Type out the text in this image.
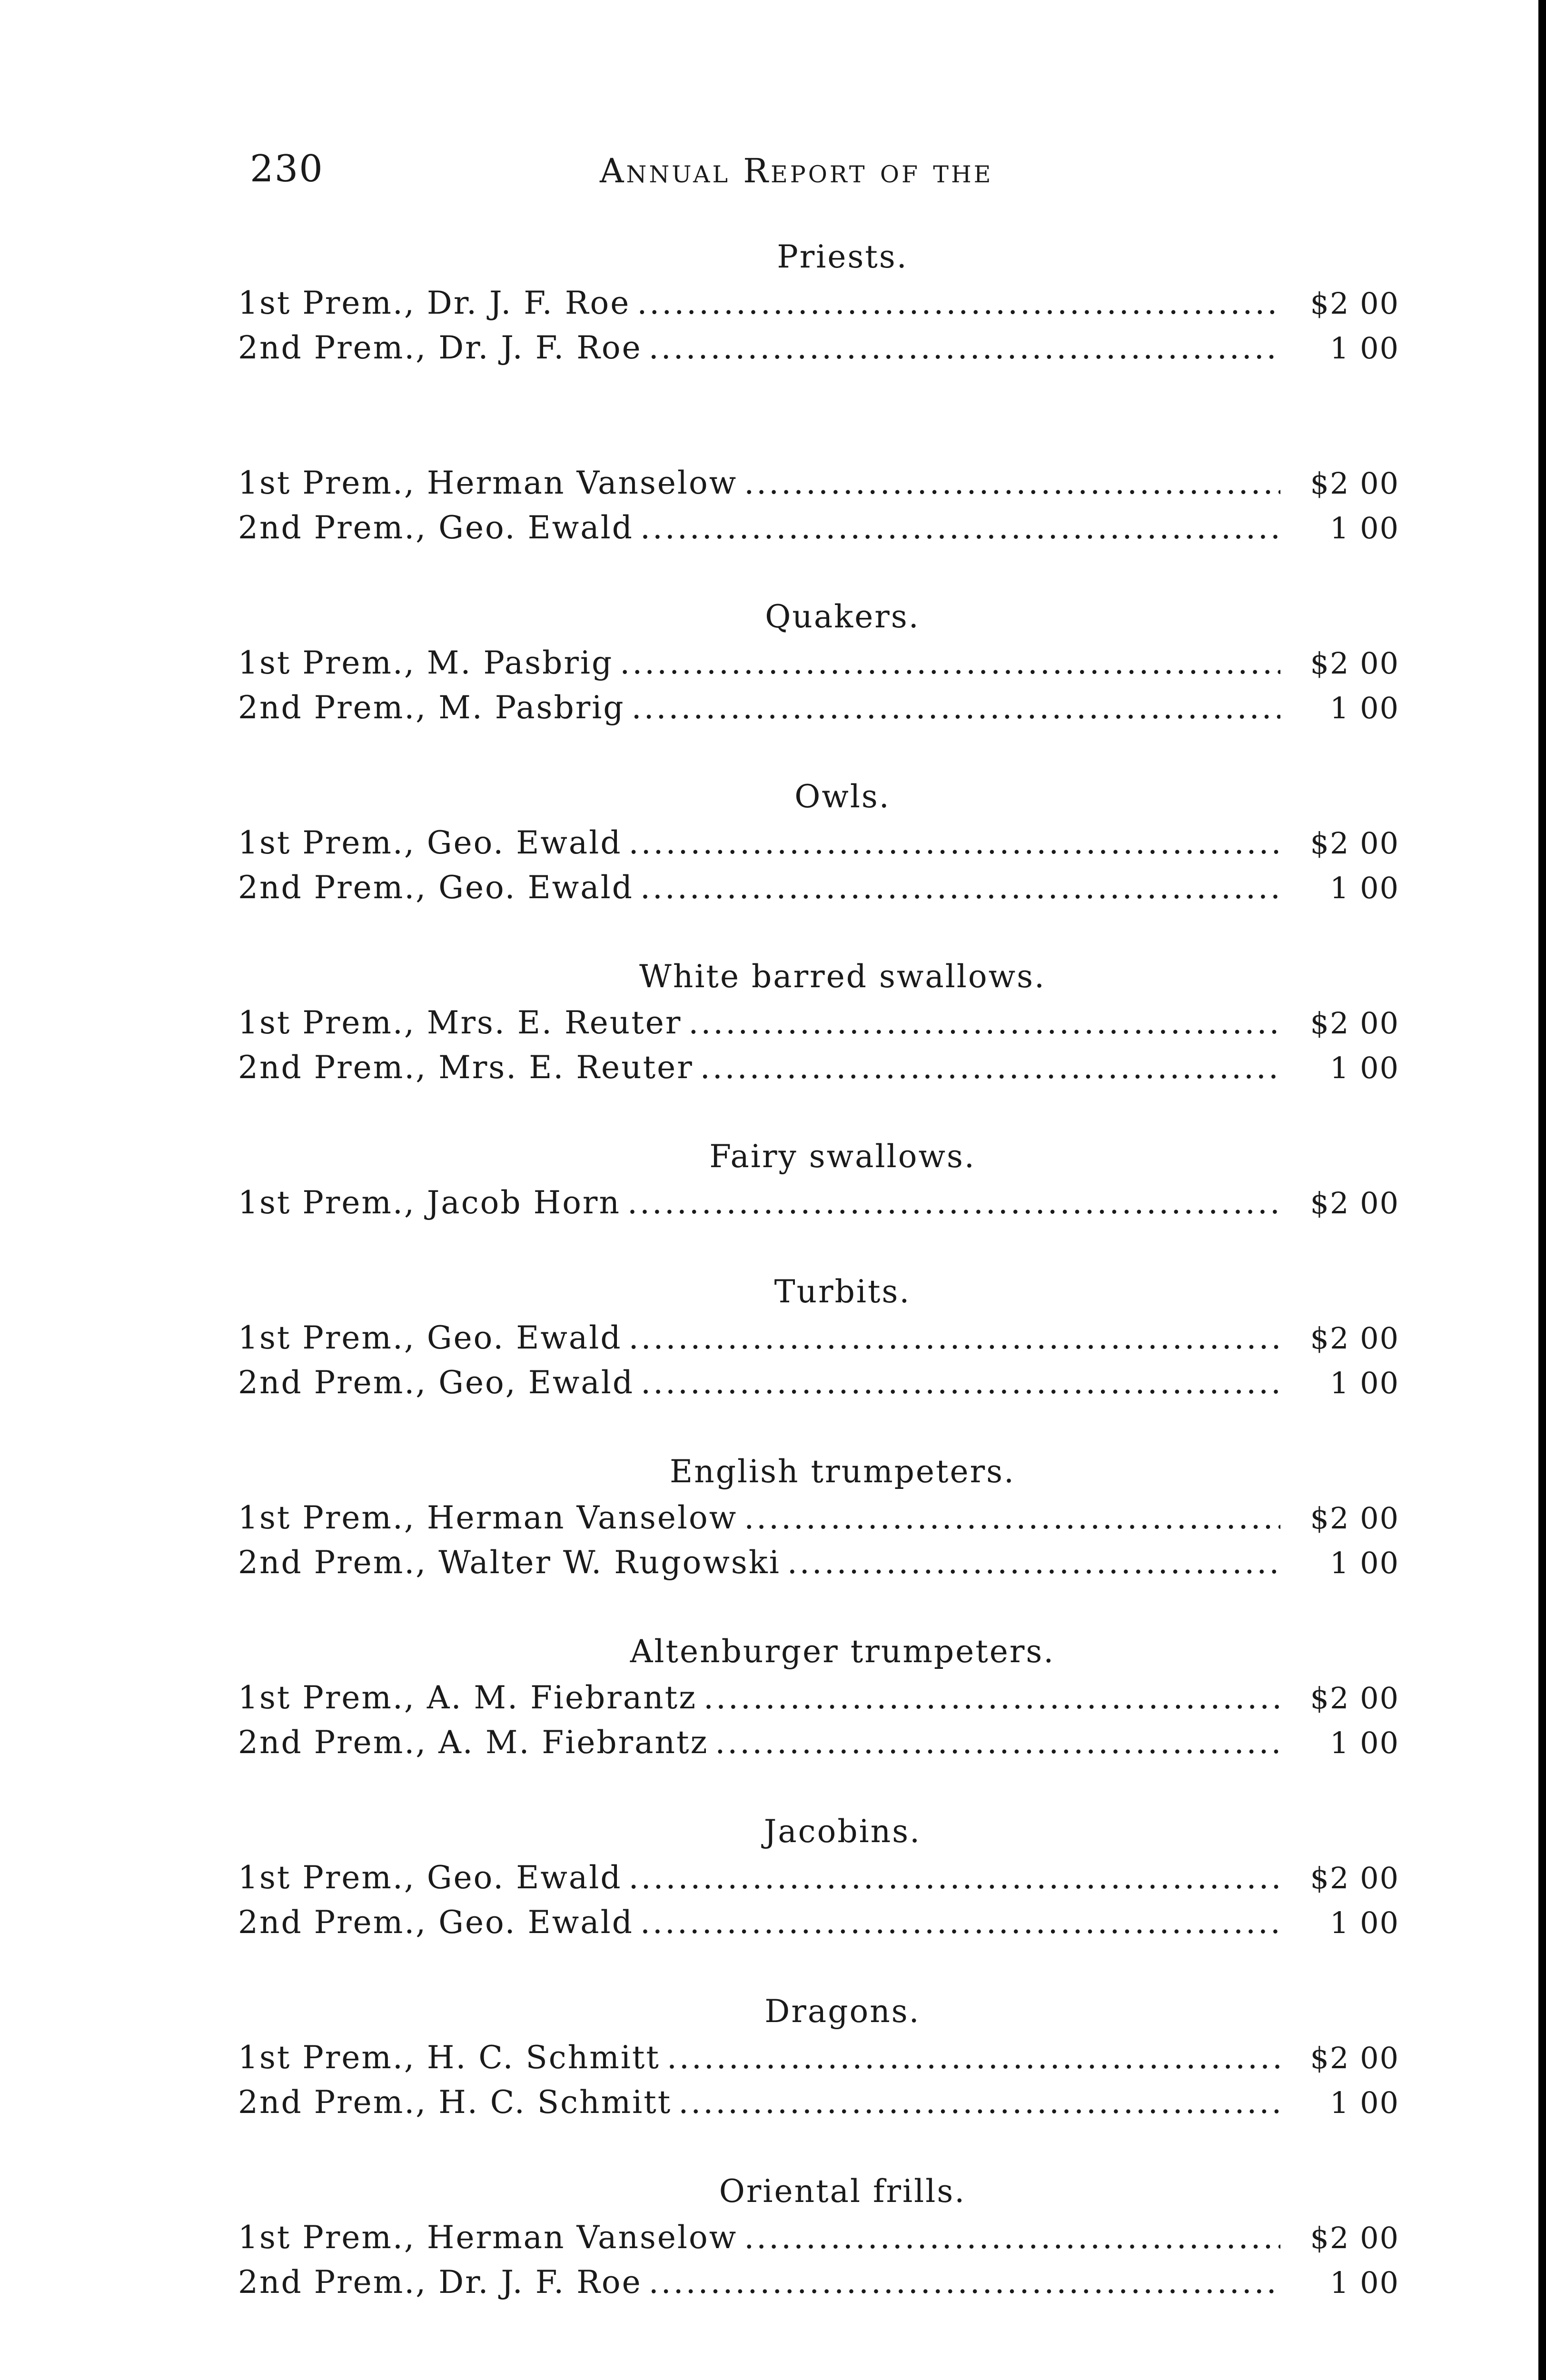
230	Annual Report of the
Priests.
1st Prem., Dr. J. F. Roe . . .	$2 00
2nd Prem., Dr. J. F. Roe . . .	1 00
1st Prem., Herman Vanselow . . .	$2 00
2nd Prem., Geo. Ewald . . .	1 00
Quakers.
1st Prem., M. Pasbrig . . .	$2 00
2nd Prem., M. Pasbrig . . .	1 00
Owls.
1st Prem., Geo. Ewald . . .	$2 00
2nd Prem., Geo. Ewald . . .	1 00
White barred swallows.
1st Prem., Mrs. E. Reuter . . .	$2 00
2nd Prem., Mrs. E. Reuter . . .	1 00
Fairy swallows.
1st Prem., Jacob Horn . . .	$2 00
Turbits.
1st Prem., Geo. Ewald . . .	$2 00
2nd Prem., Geo, Ewald . . .	1 00
English trumpeters.
1st Prem., Herman Vanselow . . .	$2 00
2nd Prem., Walter W. Rugowski . . .	1 00
Altenburger trumpeters.
1st Prem., A. M. Fiebrantz . . .	$2 00
2nd Prem., A. M. Fiebrantz . . .	1 00
Jacobins.
1st Prem., Geo. Ewald . . .	$2 00
2nd Prem., Geo. Ewald . . .	1 00
Dragons.
1st Prem., H. C. Schmitt . . .	$2 00
2nd Prem., H. C. Schmitt . . .	1 00
Oriental frills.
1st Prem., Herman Vanselow . . .	$2 00
2nd Prem., Dr. J. F. Roe . . .	1 00
